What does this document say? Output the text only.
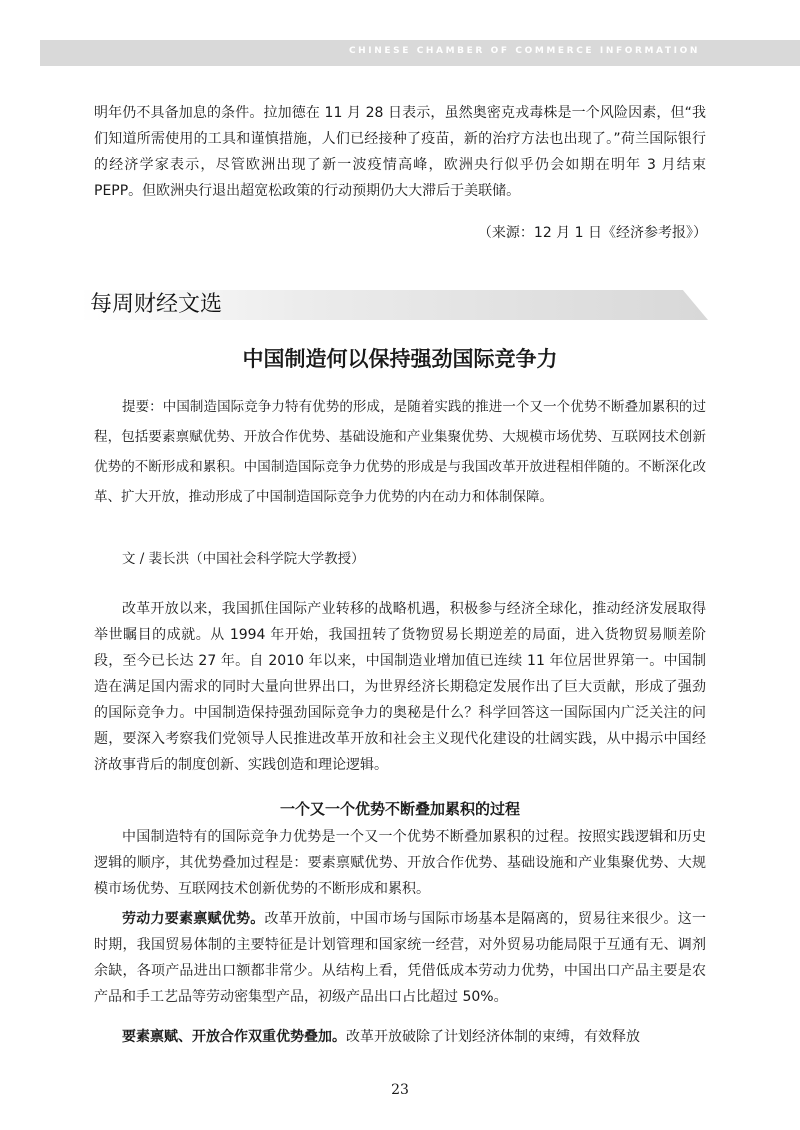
CHINESE CHAMBER OF COMMERCE INFORMATION
明年仍不具备加息的条件。拉加德在 11 月 28 日表示，虽然奥密克戎毒株是一个风险因素，但“我们知道所需使用的工具和谨慎措施，人们已经接种了疫苗，新的治疗方法也出现了。”荷兰国际银行的经济学家表示，尽管欧洲出现了新一波疫情高峰，欧洲央行似乎仍会如期在明年 3 月结束 PEPP。但欧洲央行退出超宽松政策的行动预期仍大大滞后于美联储。
（来源：12 月 1 日《经济参考报》）
每周财经文选
中国制造何以保持强劲国际竞争力
提要：中国制造国际竞争力特有优势的形成，是随着实践的推进一个又一个优势不断叠加累积的过程，包括要素禀赋优势、开放合作优势、基础设施和产业集聚优势、大规模市场优势、互联网技术创新优势的不断形成和累积。中国制造国际竞争力优势的形成是与我国改革开放进程相伴随的。不断深化改革、扩大开放，推动形成了中国制造国际竞争力优势的内在动力和体制保障。
文 / 裴长洪（中国社会科学院大学教授）
改革开放以来，我国抓住国际产业转移的战略机遇，积极参与经济全球化，推动经济发展取得举世瞩目的成就。从 1994 年开始，我国扭转了货物贸易长期逆差的局面，进入货物贸易顺差阶段，至今已长达 27 年。自 2010 年以来，中国制造业增加值已连续 11 年位居世界第一。中国制造在满足国内需求的同时大量向世界出口，为世界经济长期稳定发展作出了巨大贡献，形成了强劲的国际竞争力。中国制造保持强劲国际竞争力的奥秘是什么？科学回答这一国际国内广泛关注的问题，要深入考察我们党领导人民推进改革开放和社会主义现代化建设的壮阔实践，从中揭示中国经济故事背后的制度创新、实践创造和理论逻辑。
一个又一个优势不断叠加累积的过程
中国制造特有的国际竞争力优势是一个又一个优势不断叠加累积的过程。按照实践逻辑和历史逻辑的顺序，其优势叠加过程是：要素禀赋优势、开放合作优势、基础设施和产业集聚优势、大规模市场优势、互联网技术创新优势的不断形成和累积。
劳动力要素禀赋优势。改革开放前，中国市场与国际市场基本是隔离的，贸易往来很少。这一时期，我国贸易体制的主要特征是计划管理和国家统一经营，对外贸易功能局限于互通有无、调剂余缺，各项产品进出口额都非常少。从结构上看，凭借低成本劳动力优势，中国出口产品主要是农产品和手工艺品等劳动密集型产品，初级产品出口占比超过 50%。
要素禀赋、开放合作双重优势叠加。改革开放破除了计划经济体制的束缚，有效释放
23
